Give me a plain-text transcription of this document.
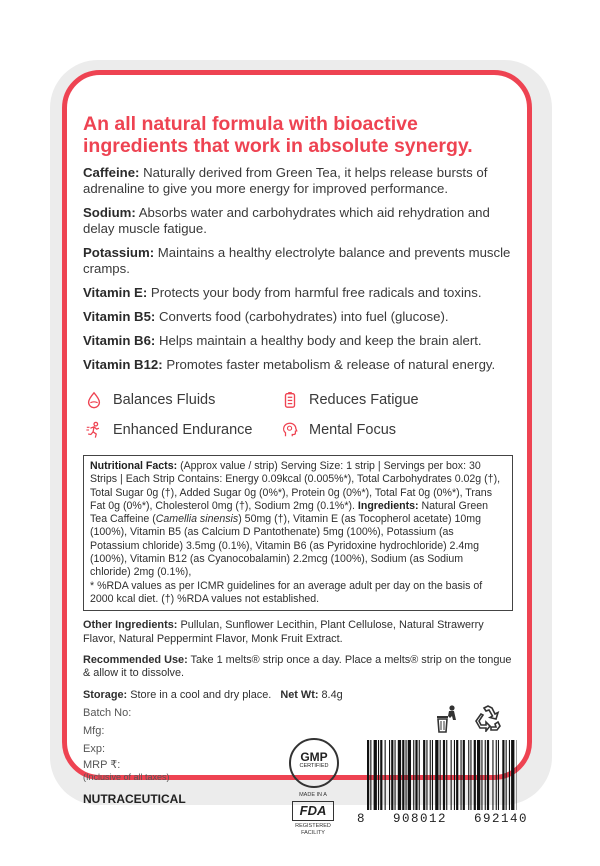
An all natural formula with bioactive ingredients that work in absolute synergy.
Caffeine: Naturally derived from Green Tea, it helps release bursts of adrenaline to give you more energy for improved performance.
Sodium: Absorbs water and carbohydrates which aid rehydration and delay muscle fatigue.
Potassium: Maintains a healthy electrolyte balance and prevents muscle cramps.
Vitamin E: Protects your body from harmful free radicals and toxins.
Vitamin B5: Converts food (carbohydrates) into fuel (glucose).
Vitamin B6: Helps maintain a healthy body and keep the brain alert.
Vitamin B12: Promotes faster metabolism & release of natural energy.
Balances Fluids	Reduces Fatigue
Enhanced Endurance	Mental Focus
Nutritional Facts: (Approx value / strip) Serving Size: 1 strip | Servings per box: 30 Strips | Each Strip Contains: Energy 0.09kcal (0.005%*), Total Carbohydrates 0.02g (†), Total Sugar 0g (†), Added Sugar 0g (0%*), Protein 0g (0%*), Total Fat 0g (0%*), Trans Fat 0g (0%*), Cholesterol 0mg (†), Sodium 2mg (0.1%*). Ingredients: Natural Green Tea Caffeine (Camellia sinensis) 50mg (†), Vitamin E (as Tocopherol acetate) 10mg (100%), Vitamin B5 (as Calcium D Pantothenate) 5mg (100%), Potassium (as Potassium chloride) 3.5mg (0.1%), Vitamin B6 (as Pyridoxine hydrochloride) 2.4mg (100%), Vitamin B12 (as Cyanocobalamin) 2.2mcg (100%), Sodium (as Sodium chloride) 2mg (0.1%),
* %RDA values as per ICMR guidelines for an average adult per day on the basis of 2000 kcal diet. (†) %RDA values not established.
Other Ingredients: Pullulan, Sunflower Lecithin, Plant Cellulose, Natural Strawerry Flavor, Natural Peppermint Flavor, Monk Fruit Extract.
Recommended Use: Take 1 melts® strip once a day. Place a melts® strip on the tongue & allow it to dissolve.
Storage: Store in a cool and dry place. Net Wt: 8.4g
Batch No:
Mfg:
Exp:
MRP ₹:
(Inclusive of all taxes)
NUTRACEUTICAL
GMP
CERTIFIED
MADE IN A
FDA
REGISTERED
FACILITY
8   908012   692140
